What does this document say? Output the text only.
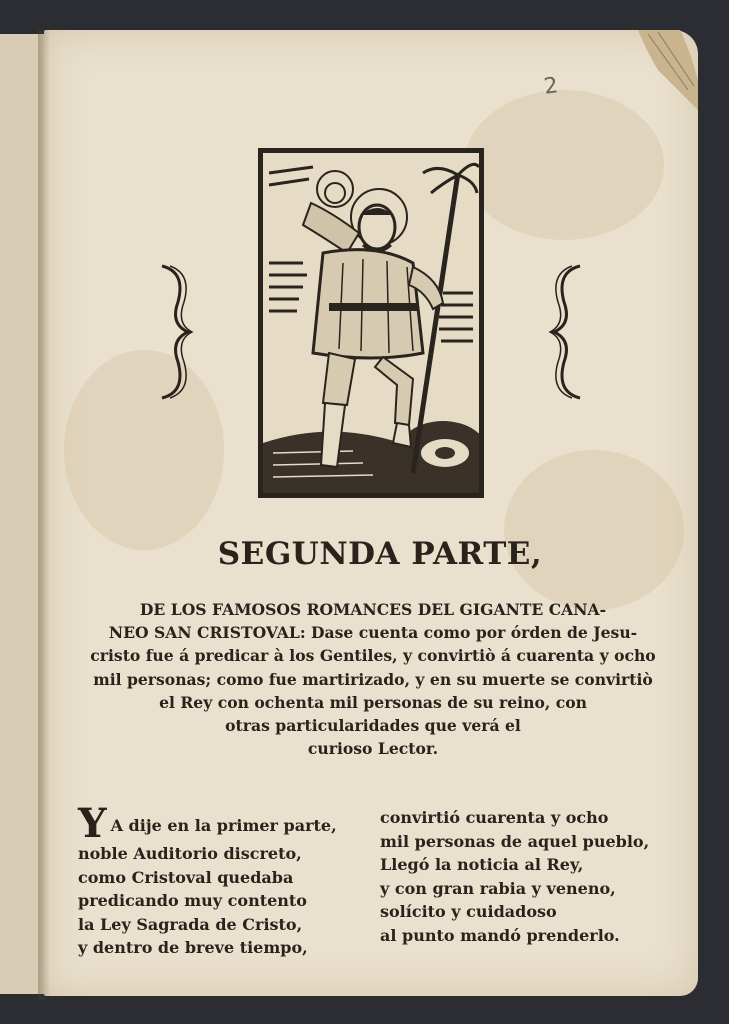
2
SEGUNDA PARTE,
DE LOS FAMOSOS ROMANCES DEL GIGANTE CANA-
NEO SAN CRISTOVAL: Dase cuenta como por órden de Jesu-
cristo fue á predicar à los Gentiles, y convirtiò á cuarenta y ocho
mil personas; como fue martirizado, y en su muerte se convirtiò
el Rey con ochenta mil personas de su reino, con
otras particularidades que verá el
curioso Lector.
Y A dije en la primer parte,
noble Auditorio discreto,
como Cristoval quedaba
predicando muy contento
la Ley Sagrada de Cristo,
y dentro de breve tiempo,
convirtió cuarenta y ocho
mil personas de aquel pueblo,
Llegó la noticia al Rey,
y con gran rabia y veneno,
solícito y cuidadoso
al punto mandó prenderlo.
